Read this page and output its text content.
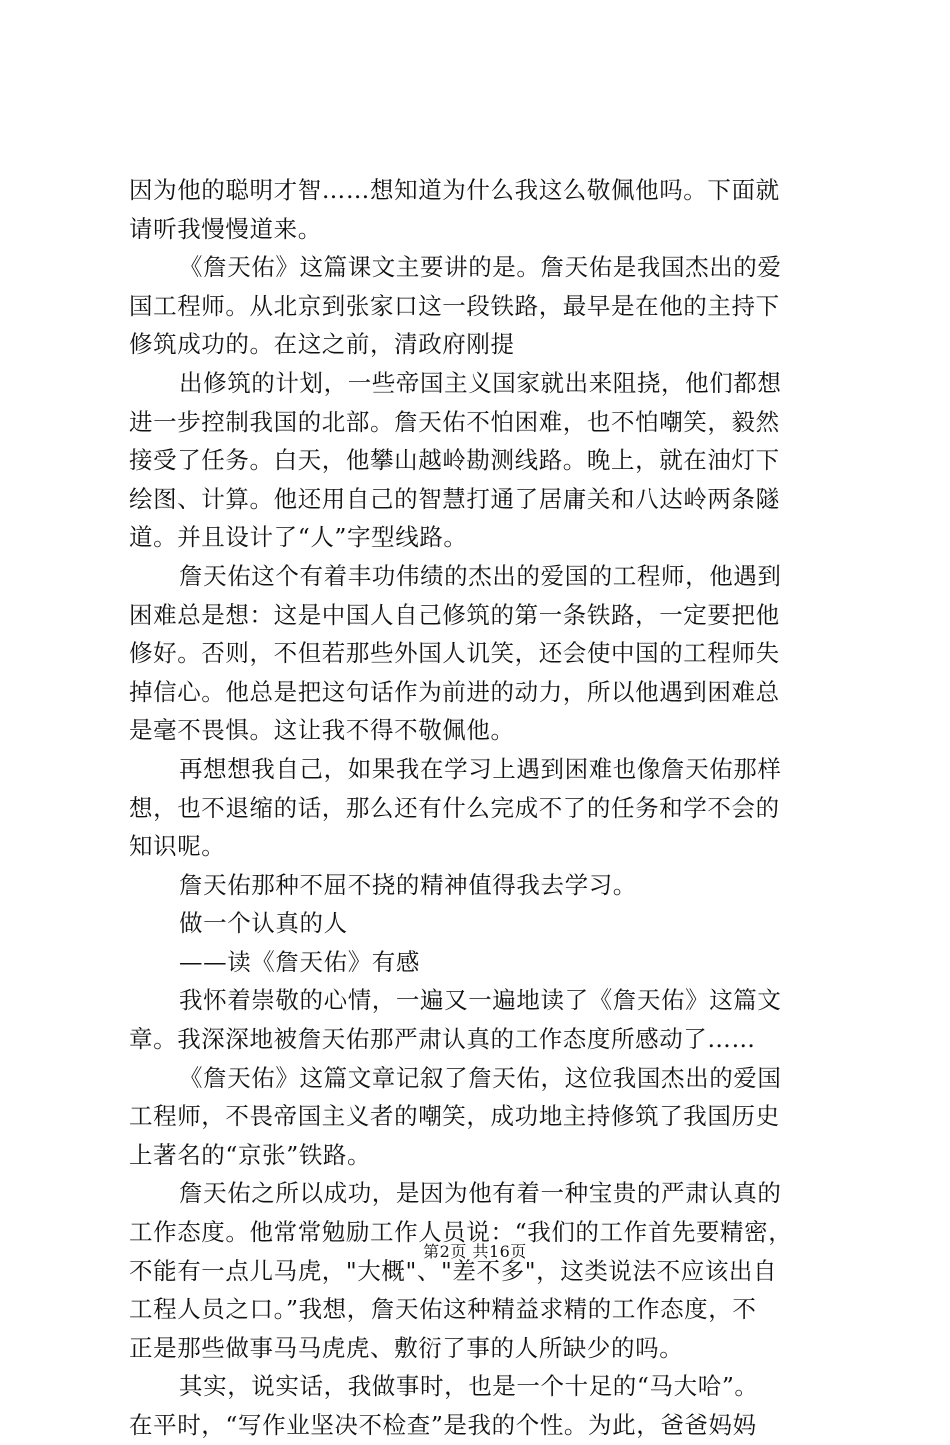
因为他的聪明才智……想知道为什么我这么敬佩他吗。下面就
请听我慢慢道来。
《詹天佑》这篇课文主要讲的是。詹天佑是我国杰出的爱
国工程师。从北京到张家口这一段铁路，最早是在他的主持下
修筑成功的。在这之前，清政府刚提
出修筑的计划，一些帝国主义国家就出来阻挠，他们都想
进一步控制我国的北部。詹天佑不怕困难，也不怕嘲笑，毅然
接受了任务。白天，他攀山越岭勘测线路。晚上，就在油灯下
绘图、计算。他还用自己的智慧打通了居庸关和八达岭两条隧
道。并且设计了“人”字型线路。
詹天佑这个有着丰功伟绩的杰出的爱国的工程师，他遇到
困难总是想：这是中国人自己修筑的第一条铁路，一定要把他
修好。否则，不但若那些外国人讥笑，还会使中国的工程师失
掉信心。他总是把这句话作为前进的动力，所以他遇到困难总
是毫不畏惧。这让我不得不敬佩他。
再想想我自己，如果我在学习上遇到困难也像詹天佑那样
想，也不退缩的话，那么还有什么完成不了的任务和学不会的
知识呢。
詹天佑那种不屈不挠的精神值得我去学习。
做一个认真的人
——读《詹天佑》有感
我怀着崇敬的心情，一遍又一遍地读了《詹天佑》这篇文
章。我深深地被詹天佑那严肃认真的工作态度所感动了……
《詹天佑》这篇文章记叙了詹天佑，这位我国杰出的爱国
工程师，不畏帝国主义者的嘲笑，成功地主持修筑了我国历史
上著名的“京张”铁路。
詹天佑之所以成功，是因为他有着一种宝贵的严肃认真的
工作态度。他常常勉励工作人员说：“我们的工作首先要精密，
不能有一点儿马虎，"大概"、"差不多"，这类说法不应该出自
工程人员之口。”我想，詹天佑这种精益求精的工作态度，不
正是那些做事马马虎虎、敷衍了事的人所缺少的吗。
其实，说实话，我做事时，也是一个十足的“马大哈”。
在平时，“写作业坚决不检查”是我的个性。为此，爸爸妈妈
第2页 共16页
